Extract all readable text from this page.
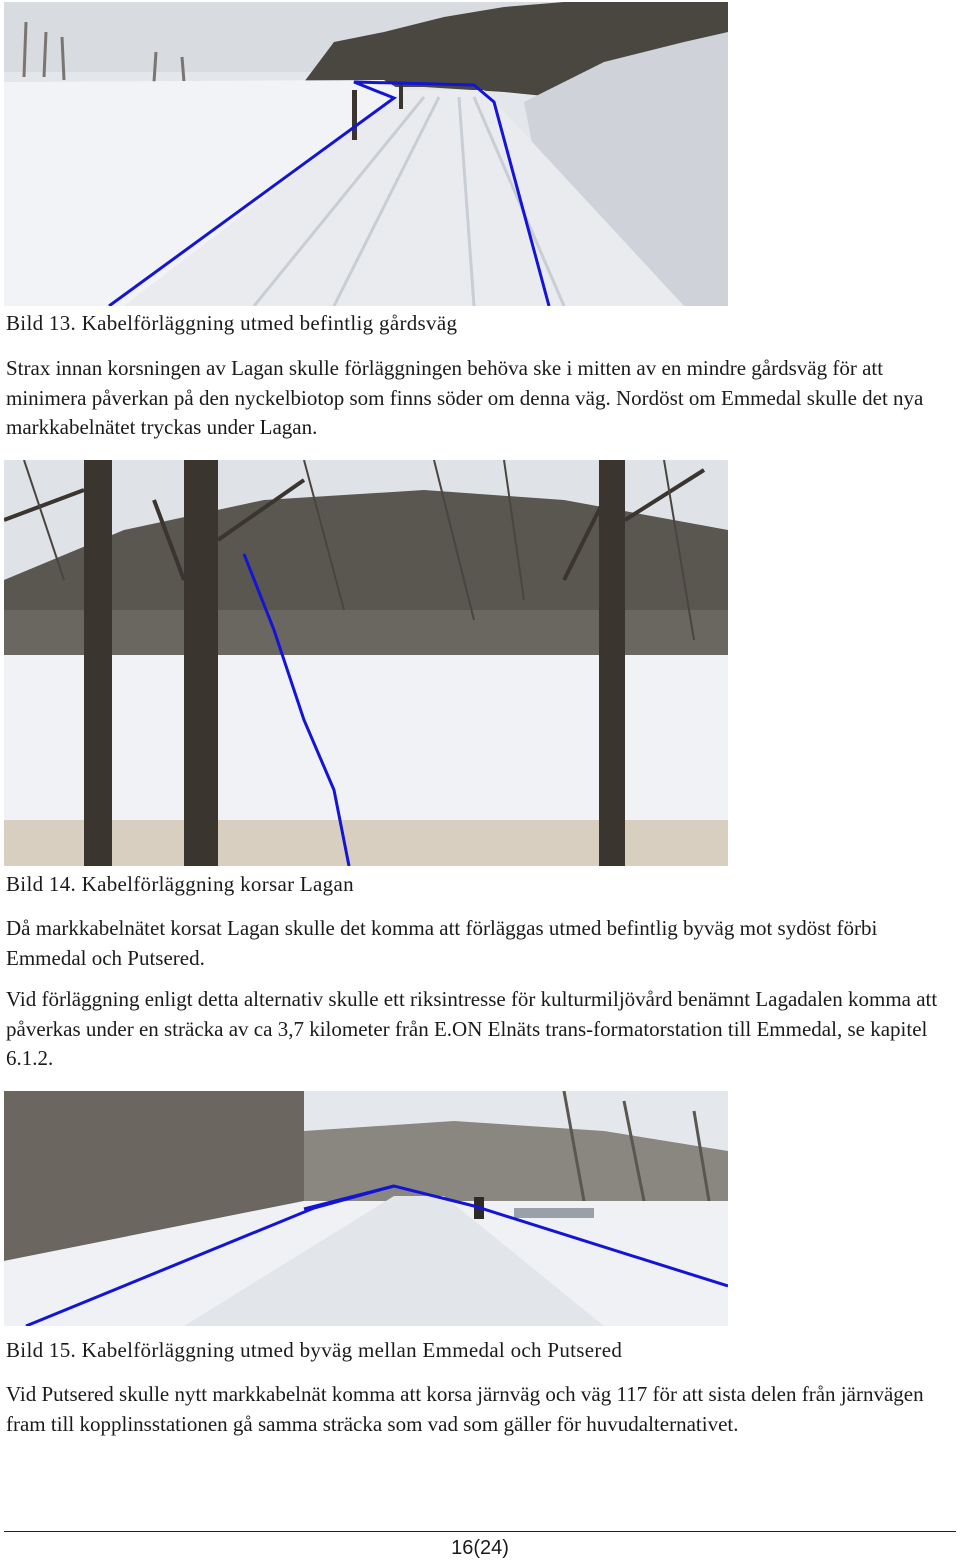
Bild 13. Kabelförläggning utmed befintlig gårdsväg

Strax innan korsningen av Lagan skulle förläggningen behöva ske i mitten av en mindre gårdsväg för att minimera påverkan på den nyckelbiotop som finns söder om denna väg. Nordöst om Emmedal skulle det nya markkabelnätet tryckas under Lagan.

Bild 14. Kabelförläggning korsar Lagan

Då markkabelnätet korsat Lagan skulle det komma att förläggas utmed befintlig byväg mot sydöst förbi Emmedal och Putsered.

Vid förläggning enligt detta alternativ skulle ett riksintresse för kulturmiljövård benämnt Lagadalen komma att påverkas under en sträcka av ca 3,7 kilometer från E.ON Elnäts trans-formatorstation till Emmedal, se kapitel 6.1.2.

Bild 15. Kabelförläggning utmed byväg mellan Emmedal och Putsered

Vid Putsered skulle nytt markkabelnät komma att korsa järnväg och väg 117 för att sista delen från järnvägen fram till kopplinsstationen gå samma sträcka som vad som gäller för huvudalternativet.

16(24)
